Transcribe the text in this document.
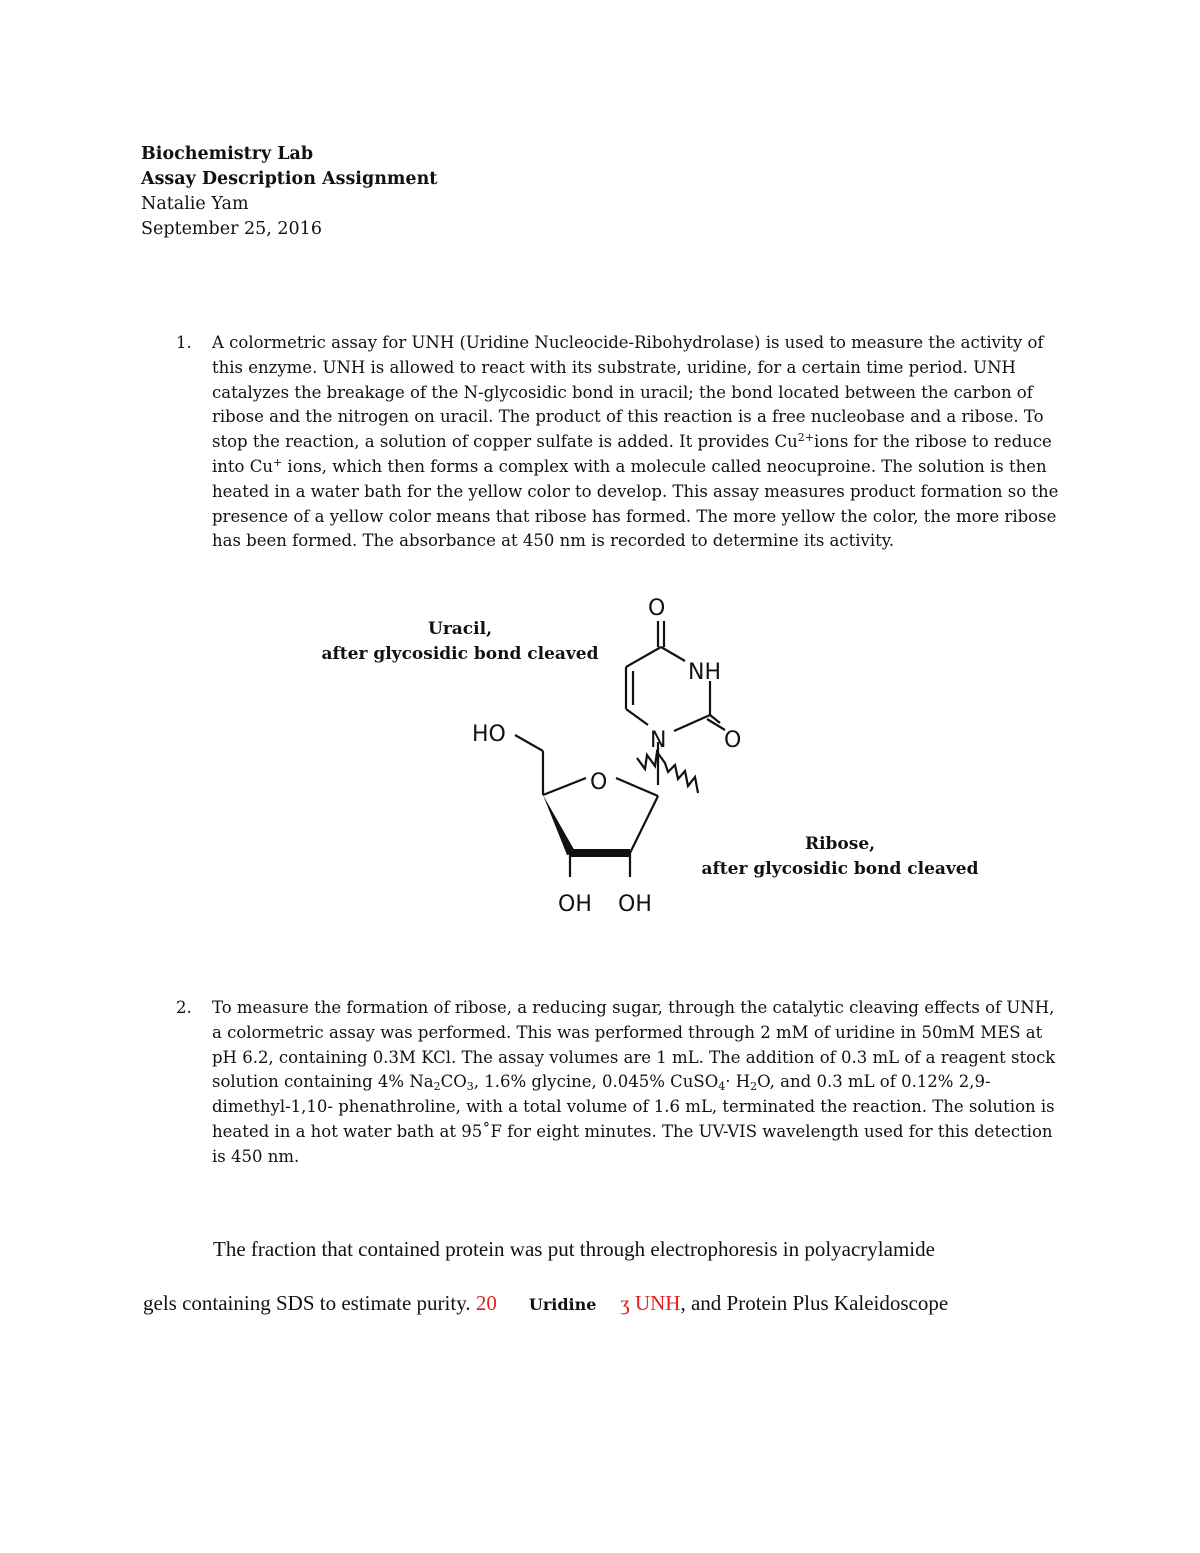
Biochemistry Lab
Assay Description Assignment
Natalie Yam
September 25, 2016
1. A colormetric assay for UNH (Uridine Nucleocide-Ribohydrolase) is used to measure the activity of this enzyme. UNH is allowed to react with its substrate, uridine, for a certain time period. UNH catalyzes the breakage of the N-glycosidic bond in uracil; the bond located between the carbon of ribose and the nitrogen on uracil. The product of this reaction is a free nucleobase and a ribose. To stop the reaction, a solution of copper sulfate is added. It provides $Cu^{2+}ions$ for the ribose to reduce into Cu+ ions, which then forms a complex with a molecule called neocuproine. The solution is then heated in a water bath for the yellow color to develop. This assay measures product formation so the presence of a yellow color means that ribose has formed. The more yellow the color, the more ribose has been formed. The absorbance at 450 nm is recorded to determine its activity.
O
NH
N	O
HO
O
OH OH
Uracil,
after glycosidic bond cleaved
Ribose,
after glycosidic bond cleaved
2. To measure the formation of ribose, a reducing sugar, through the catalytic cleaving effects of UNH, a colormetric assay was performed. This was performed through 2 mM of uridine in 50mM MES at pH 6.2, containing 0.3M KCl. The assay volumes are 1 mL. The addition of 0.3 mL of a reagent stock solution containing 4% $Na_2CO_3$, 1.6% glycine, 0.045% CuSO$_4$· $H_2O$, and 0.3 mL of 0.12% 2,9-dimethyl-1,10- phenathroline, with a total volume of 1.6 mL, terminated the reaction. The solution is heated in a hot water bath at 95˚F for eight minutes. The UV-VIS wavelength used for this detection is 450 nm.
The fraction that contained protein was put through electrophoresis in polyacrylamide
gels containing SDS to estimate purity. 20 Uridine ʒ UNH, and Protein Plus Kaleidoscope
